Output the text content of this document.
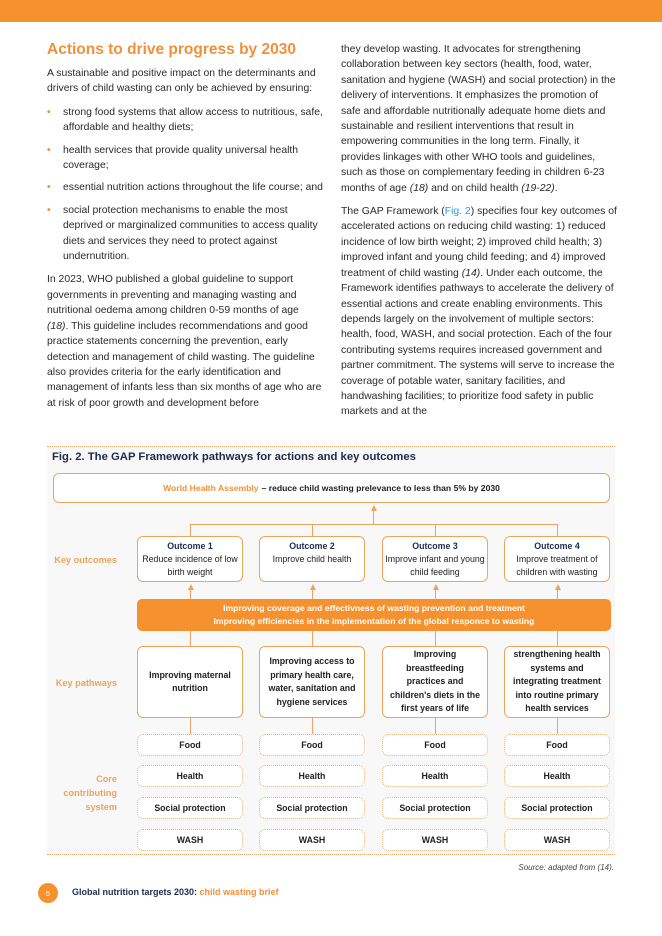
Actions to drive progress by 2030

A sustainable and positive impact on the determinants and drivers of child wasting can only be achieved by ensuring:

• strong food systems that allow access to nutritious, safe, affordable and healthy diets;
• health services that provide quality universal health coverage;
• essential nutrition actions throughout the life course; and
• social protection mechanisms to enable the most deprived or marginalized communities to access quality diets and services they need to protect against undernutrition.

In 2023, WHO published a global guideline to support governments in preventing and managing wasting and nutritional oedema among children 0-59 months of age (18). This guideline includes recommendations and good practice statements concerning the prevention, early detection and management of child wasting. The guideline also provides criteria for the early identification and management of infants less than six months of age who are at risk of poor growth and development before

they develop wasting. It advocates for strengthening collaboration between key sectors (health, food, water, sanitation and hygiene (WASH) and social protection) in the delivery of interventions. It emphasizes the promotion of safe and affordable nutritionally adequate home diets and sustainable and resilient interventions that result in empowering communities in the long term. Finally, it provides linkages with other WHO tools and guidelines, such as those on complementary feeding in children 6-23 months of age (18) and on child health (19-22).

The GAP Framework (Fig. 2) specifies four key outcomes of accelerated actions on reducing child wasting: 1) reduced incidence of low birth weight; 2) improved child health; 3) improved infant and young child feeding; and 4) improved treatment of child wasting (14). Under each outcome, the Framework identifies pathways to accelerate the delivery of essential actions and create enabling environments. This depends largely on the involvement of multiple sectors: health, food, WASH, and social protection. Each of the four contributing systems requires increased government and partner commitment. The systems will serve to increase the coverage of potable water, sanitary facilities, and handwashing facilities; to prioritize food safety in public markets and at the

Fig. 2. The GAP Framework pathways for actions and key outcomes
World Health Assembly – reduce child wasting prelevance to less than 5% by 2030
Key outcomes
Key pathways
Core contributing system
Outcome 1
Reduce incidence of low birth weight
Outcome 2
Improve child health
Outcome 3
Improve infant and young child feeding
Outcome 4
Improve treatment of children with wasting
Improving coverage and effectivness of wasting prevention and treatment
Improving efficiencies in the implementation of the global responce to wasting
Improving maternal nutrition
Improving access to primary health care, water, sanitation and hygiene services
Improving breastfeeding practices and children's diets in the first years of life
strengthening health systems and integrating treatment into routine primary health services
Food
Health
Social protection
WASH
Food
Health
Social protection
WASH
Food
Health
Social protection
WASH
Food
Health
Social protection
WASH
Source: adapted from (14).
5	Global nutrition targets 2030: child wasting brief
